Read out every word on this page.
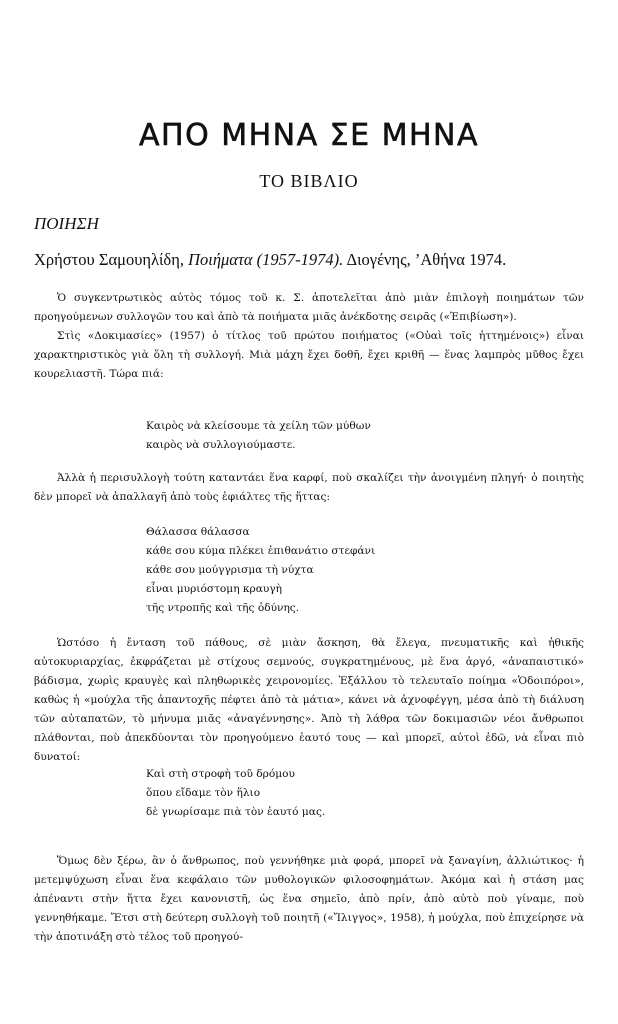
ΑΠΟ ΜΗΝΑ ΣΕ ΜΗΝΑ
ΤΟ ΒΙΒΛΙΟ
ΠΟΙΗΣΗ
Χρήστου Σαμουηλίδη, Ποιήματα (1957-1974). Διογένης, ’Αθήνα 1974.

Ὁ συγκεντρωτικὸς αὐτὸς τόμος τοῦ κ. Σ. ἀποτελεῖται ἀπὸ μιὰν ἐπιλογὴ ποιημάτων τῶν προηγούμενων συλλογῶν του καὶ ἀπὸ τὰ ποιήματα μιᾶς ἀνέκδοτης σειρᾶς («Ἐπιβίωση»).

Στὶς «Δοκιμασίες» (1957) ὁ τίτλος τοῦ πρώτου ποιήματος («Οὐαὶ τοῖς ἡττημένοις») εἶναι χαρακτηριστικὸς γιὰ ὅλη τὴ συλλογή. Μιὰ μάχη ἔχει δοθῆ, ἔχει κριθῆ — ἕνας λαμπρὸς μῦθος ἔχει κουρελιαστῆ. Τώρα πιά:

Καιρὸς νὰ κλείσουμε τὰ χείλη τῶν μύθων
καιρὸς νὰ συλλογιούμαστε.

Ἀλλὰ ἡ περισυλλογὴ τούτη καταντάει ἕνα καρφί, ποὺ σκαλίζει τὴν ἀνοιγμένη πληγή· ὁ ποιητὴς δὲν μπορεῖ νὰ ἀπαλλαγῆ ἀπὸ τοὺς ἐφιάλτες τῆς ἥττας:

Θάλασσα θάλασσα
κάθε σου κύμα πλέκει ἐπιθανάτιο στεφάνι
κάθε σου μούγγρισμα τὴ νύχτα
εἶναι μυριόστομη κραυγὴ
τῆς ντροπῆς καὶ τῆς ὀδύνης.

Ὡστόσο ἡ ἔνταση τοῦ πάθους, σὲ μιὰν ἄσκηση, θὰ ἔλεγα, πνευματικῆς καὶ ἠθικῆς αὐτοκυριαρχίας, ἐκφράζεται μὲ στίχους σεμνούς, συγκρατημένους, μὲ ἕνα ἀργό, «ἀναπαιστικό» βάδισμα, χωρὶς κραυγὲς καὶ πληθωρικὲς χειρονομίες. Ἐξάλλου τὸ τελευταῖο ποίημα «Ὁδοιπόροι», καθὼς ἡ «μούχλα τῆς ἀπαντοχῆς πέφτει ἀπὸ τὰ μάτια», κάνει νὰ ἀχνοφέγγη, μέσα ἀπὸ τὴ διάλυση τῶν αὐταπατῶν, τὸ μήνυμα μιᾶς «ἀναγέννησης». Ἀπὸ τὴ λάθρα τῶν δοκιμασιῶν νέοι ἄνθρωποι πλάθονται, ποὺ ἀπεκδύονται τὸν προηγούμενο ἑαυτό τους — καὶ μπορεῖ, αὐτοὶ ἐδῶ, νὰ εἶναι πιὸ δυνατοί:

Καὶ στὴ στροφὴ τοῦ δρόμου
ὅπου εἴδαμε τὸν ἥλιο
δὲ γνωρίσαμε πιὰ τὸν ἑαυτό μας.

Ὅμως δὲν ξέρω, ἂν ὁ ἄνθρωπος, ποὺ γεννήθηκε μιὰ φορά, μπορεῖ νὰ ξαναγίνη, ἀλλιώτικος· ἡ μετεμψύχωση εἶναι ἕνα κεφάλαιο τῶν μυθολογικῶν φιλοσοφημάτων. Ἀκόμα καὶ ἡ στάση μας ἀπέναντι στὴν ἥττα ἔχει κανονιστῆ, ὡς ἕνα σημεῖο, ἀπὸ πρίν, ἀπὸ αὐτὸ ποὺ γίναμε, ποὺ γεννηθήκαμε. Ἔτσι στὴ δεύτερη συλλογὴ τοῦ ποιητῆ («Ἴλιγγος», 1958), ἡ μούχλα, ποὺ ἐπιχείρησε νὰ τὴν ἀποτινάξη στὸ τέλος τοῦ προηγού-
